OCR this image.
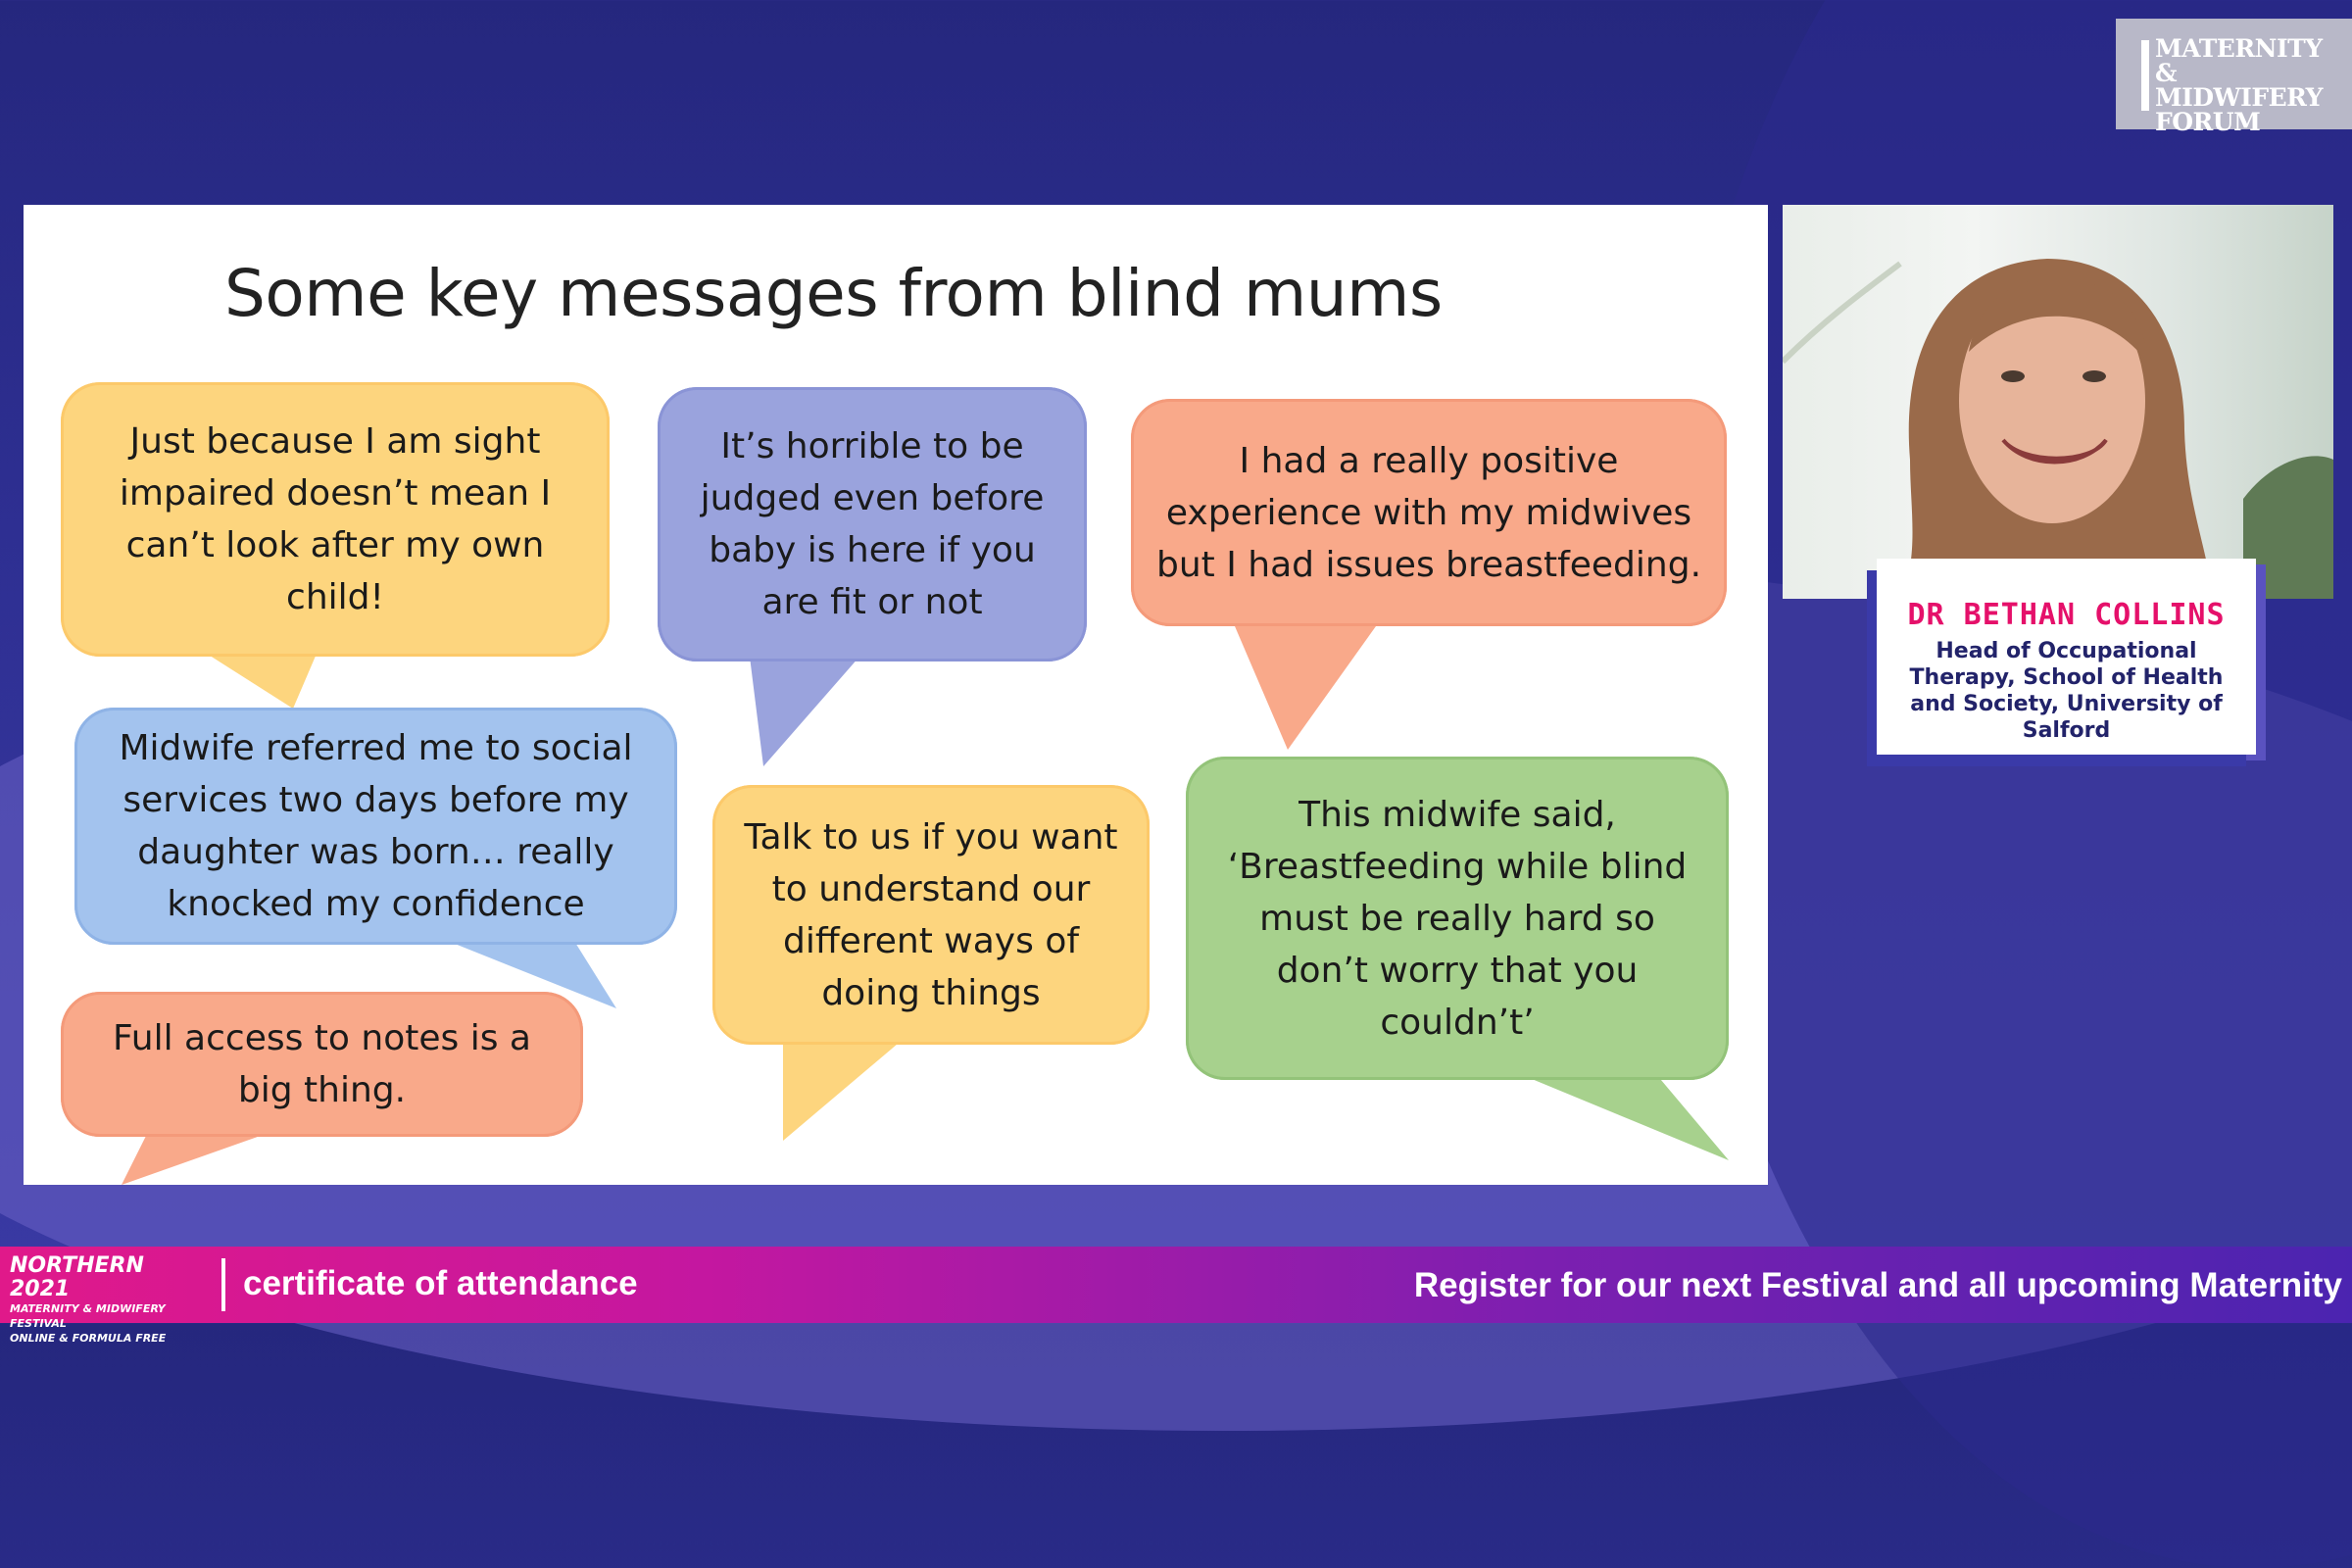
MATERNITY
& MIDWIFERY
FORUM
Some key messages from blind mums
Just because I am sight impaired doesn’t mean I can’t look after my own child!
It’s horrible to be judged even before baby is here if you are fit or not
I had a really positive experience with my midwives but I had issues breastfeeding.
Midwife referred me to social services two days before my daughter was born… really knocked my confidence
Talk to us if you want to understand our different ways of doing things
This midwife said, ‘Breastfeeding while blind must be really hard so don’t worry that you couldn’t’
Full access to notes is a big thing.
DR BETHAN COLLINS
Head of Occupational Therapy, School of Health and Society, University of Salford
NORTHERN 2021
MATERNITY & MIDWIFERY FESTIVAL
ONLINE & FORMULA FREE
certificate of attendance	Register for our next Festival and all upcoming Maternity
